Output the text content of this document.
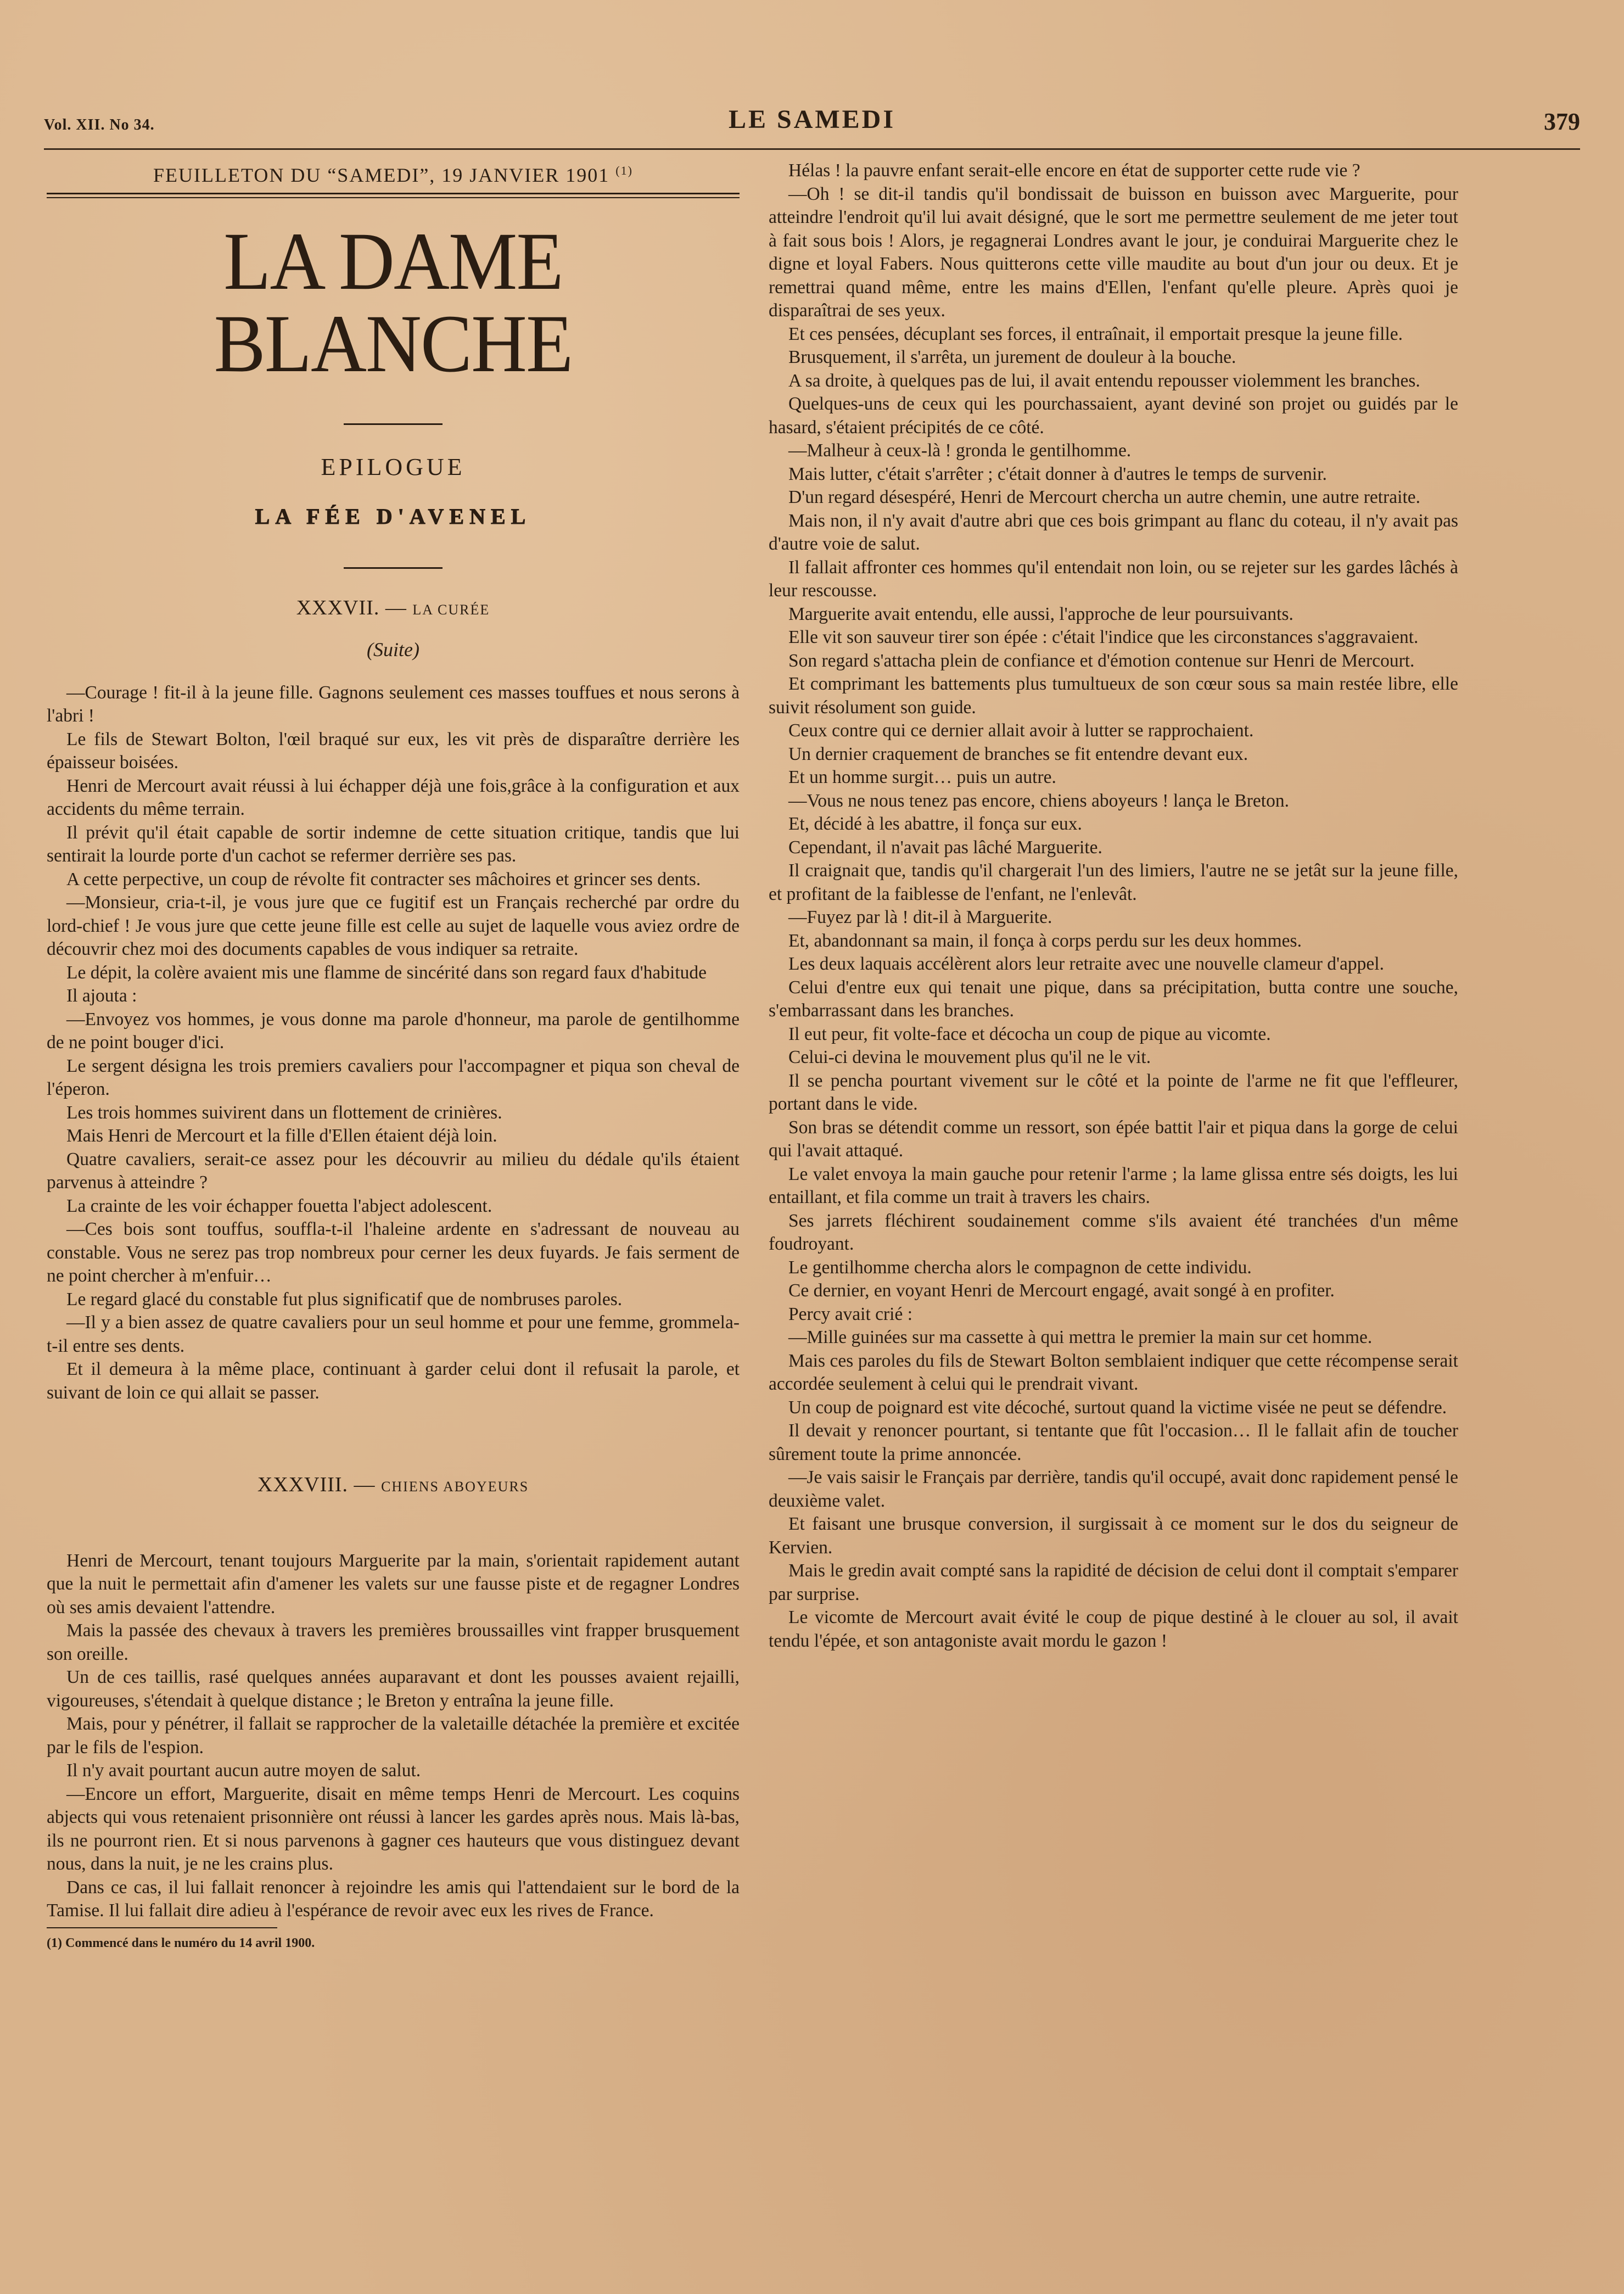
Vol. XII. No 34.	LE SAMEDI	379

FEUILLETON DU “SAMEDI”, 19 JANVIER 1901 $^{(1)}$

LA DAME BLANCHE
EPILOGUE
LA FÉE D'AVENEL
XXXVII. — LA CURÉE
(Suite)

—Courage ! fit-il à la jeune fille. Gagnons seulement ces masses touffues et nous serons à l'abri !

Le fils de Stewart Bolton, l'œil braqué sur eux, les vit près de disparaître derrière les épaisseur boisées.

Henri de Mercourt avait réussi à lui échapper déjà une fois,grâce à la configuration et aux accidents du même terrain.

Il prévit qu'il était capable de sortir indemne de cette situation critique, tandis que lui sentirait la lourde porte d'un cachot se refermer derrière ses pas.

A cette perpective, un coup de révolte fit contracter ses mâchoires et grincer ses dents.

—Monsieur, cria-t-il, je vous jure que ce fugitif est un Français recherché par ordre du lord-chief ! Je vous jure que cette jeune fille est celle au sujet de laquelle vous aviez ordre de découvrir chez moi des documents capables de vous indiquer sa retraite.

Le dépit, la colère avaient mis une flamme de sincérité dans son regard faux d'habitude

Il ajouta :

—Envoyez vos hommes, je vous donne ma parole d'honneur, ma parole de gentilhomme de ne point bouger d'ici.

Le sergent désigna les trois premiers cavaliers pour l'accompagner et piqua son cheval de l'éperon.

Les trois hommes suivirent dans un flottement de crinières.

Mais Henri de Mercourt et la fille d'Ellen étaient déjà loin.

Quatre cavaliers, serait-ce assez pour les découvrir au milieu du dédale qu'ils étaient parvenus à atteindre ?

La crainte de les voir échapper fouetta l'abject adolescent.

—Ces bois sont touffus, souffla-t-il l'haleine ardente en s'adressant de nouveau au constable. Vous ne serez pas trop nombreux pour cerner les deux fuyards. Je fais serment de ne point chercher à m'enfuir…

Le regard glacé du constable fut plus significatif que de nombruses paroles.

—Il y a bien assez de quatre cavaliers pour un seul homme et pour une femme, grommela-t-il entre ses dents.

Et il demeura à la même place, continuant à garder celui dont il refusait la parole, et suivant de loin ce qui allait se passer.

XXXVIII. — CHIENS ABOYEURS

Henri de Mercourt, tenant toujours Marguerite par la main, s'orientait rapidement autant que la nuit le permettait afin d'amener les valets sur une fausse piste et de regagner Londres où ses amis devaient l'attendre.

Mais la passée des chevaux à travers les premières broussailles vint frapper brusquement son oreille.

Un de ces taillis, rasé quelques années auparavant et dont les pousses avaient rejailli, vigoureuses, s'étendait à quelque distance ; le Breton y entraîna la jeune fille.

Mais, pour y pénétrer, il fallait se rapprocher de la valetaille détachée la première et excitée par le fils de l'espion.

Il n'y avait pourtant aucun autre moyen de salut.

—Encore un effort, Marguerite, disait en même temps Henri de Mercourt. Les coquins abjects qui vous retenaient prisonnière ont réussi à lancer les gardes après nous. Mais là-bas, ils ne pourront rien. Et si nous parvenons à gagner ces hauteurs que vous distinguez devant nous, dans la nuit, je ne les crains plus.

Dans ce cas, il lui fallait renoncer à rejoindre les amis qui l'attendaient sur le bord de la Tamise. Il lui fallait dire adieu à l'espérance de revoir avec eux les rives de France.

(1) Commencé dans le numéro du 14 avril 1900.

Hélas ! la pauvre enfant serait-elle encore en état de supporter cette rude vie ?

—Oh ! se dit-il tandis qu'il bondissait de buisson en buisson avec Marguerite, pour atteindre l'endroit qu'il lui avait désigné, que le sort me permettre seulement de me jeter tout à fait sous bois ! Alors, je regagnerai Londres avant le jour, je conduirai Marguerite chez le digne et loyal Fabers. Nous quitterons cette ville maudite au bout d'un jour ou deux. Et je remettrai quand même, entre les mains d'Ellen, l'enfant qu'elle pleure. Après quoi je disparaîtrai de ses yeux.

Et ces pensées, décuplant ses forces, il entraînait, il emportait presque la jeune fille.

Brusquement, il s'arrêta, un jurement de douleur à la bouche.

A sa droite, à quelques pas de lui, il avait entendu repousser violemment les branches.

Quelques-uns de ceux qui les pourchassaient, ayant deviné son projet ou guidés par le hasard, s'étaient précipités de ce côté.

—Malheur à ceux-là ! gronda le gentilhomme.

Mais lutter, c'était s'arrêter ; c'était donner à d'autres le temps de survenir.

D'un regard désespéré, Henri de Mercourt chercha un autre chemin, une autre retraite.

Mais non, il n'y avait d'autre abri que ces bois grimpant au flanc du coteau, il n'y avait pas d'autre voie de salut.

Il fallait affronter ces hommes qu'il entendait non loin, ou se rejeter sur les gardes lâchés à leur rescousse.

Marguerite avait entendu, elle aussi, l'approche de leur poursuivants.

Elle vit son sauveur tirer son épée : c'était l'indice que les circonstances s'aggravaient.

Son regard s'attacha plein de confiance et d'émotion contenue sur Henri de Mercourt.

Et comprimant les battements plus tumultueux de son cœur sous sa main restée libre, elle suivit résolument son guide.

Ceux contre qui ce dernier allait avoir à lutter se rapprochaient.

Un dernier craquement de branches se fit entendre devant eux.

Et un homme surgit… puis un autre.

—Vous ne nous tenez pas encore, chiens aboyeurs ! lança le Breton.

Et, décidé à les abattre, il fonça sur eux.

Cependant, il n'avait pas lâché Marguerite.

Il craignait que, tandis qu'il chargerait l'un des limiers, l'autre ne se jetât sur la jeune fille, et profitant de la faiblesse de l'enfant, ne l'enlevât.

—Fuyez par là ! dit-il à Marguerite.

Et, abandonnant sa main, il fonça à corps perdu sur les deux hommes.

Les deux laquais accélèrent alors leur retraite avec une nouvelle clameur d'appel.

Celui d'entre eux qui tenait une pique, dans sa précipitation, butta contre une souche, s'embarrassant dans les branches.

Il eut peur, fit volte-face et décocha un coup de pique au vicomte.

Celui-ci devina le mouvement plus qu'il ne le vit.

Il se pencha pourtant vivement sur le côté et la pointe de l'arme ne fit que l'effleurer, portant dans le vide.

Son bras se détendit comme un ressort, son épée battit l'air et piqua dans la gorge de celui qui l'avait attaqué.

Le valet envoya la main gauche pour retenir l'arme ; la lame glissa entre sés doigts, les lui entaillant, et fila comme un trait à travers les chairs.

Ses jarrets fléchirent soudainement comme s'ils avaient été tranchées d'un même foudroyant.

Le gentilhomme chercha alors le compagnon de cette individu.

Ce dernier, en voyant Henri de Mercourt engagé, avait songé à en profiter.

Percy avait crié :

—Mille guinées sur ma cassette à qui mettra le premier la main sur cet homme.

Mais ces paroles du fils de Stewart Bolton semblaient indiquer que cette récompense serait accordée seulement à celui qui le prendrait vivant.

Un coup de poignard est vite décoché, surtout quand la victime visée ne peut se défendre.

Il devait y renoncer pourtant, si tentante que fût l'occasion… Il le fallait afin de toucher sûrement toute la prime annoncée.

—Je vais saisir le Français par derrière, tandis qu'il occupé, avait donc rapidement pensé le deuxième valet.

Et faisant une brusque conversion, il surgissait à ce moment sur le dos du seigneur de Kervien.

Mais le gredin avait compté sans la rapidité de décision de celui dont il comptait s'emparer par surprise.

Le vicomte de Mercourt avait évité le coup de pique destiné à le clouer au sol, il avait tendu l'épée, et son antagoniste avait mordu le gazon !
